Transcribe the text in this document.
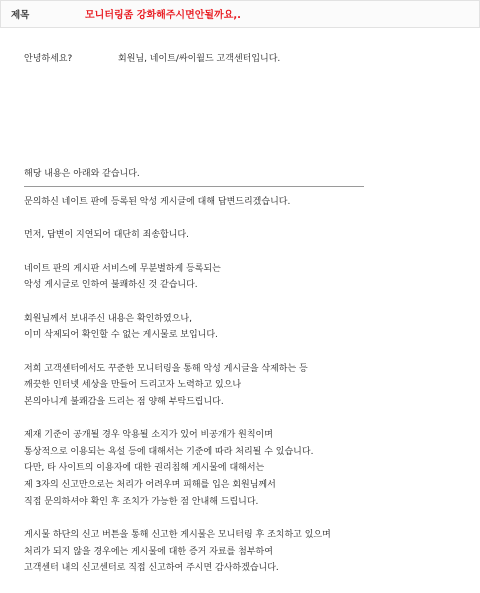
제목	모니터링좀 강화해주시면안될까요,.
안녕하세요?	회원님, 네이트/싸이월드 고객센터입니다.
해당 내용은 아래와 같습니다.
문의하신 네이트 판에 등록된 악성 게시글에 대해 답변드리겠습니다.
먼저, 답변이 지연되어 대단히 죄송합니다.
네이트 판의 게시판 서비스에 무분별하게 등록되는
악성 게시글로 인하여 불쾌하신 것 같습니다.
회원님께서 보내주신 내용은 확인하였으나,
이미 삭제되어 확인할 수 없는 게시물로 보입니다.
저희 고객센터에서도 꾸준한 모니터링을 통해 악성 게시글을 삭제하는 등
깨끗한 인터넷 세상을 만들어 드리고자 노력하고 있으나
본의아니게 불쾌감을 드리는 점 양해 부탁드립니다.
제재 기준이 공개될 경우 악용될 소지가 있어 비공개가 원칙이며
통상적으로 이용되는 욕설 등에 대해서는 기준에 따라 처리될 수 있습니다.
다만, 타 사이트의 이용자에 대한 권리침해 게시물에 대해서는
제 3자의 신고만으로는 처리가 어려우며 피해를 입은 회원님께서
직접 문의하셔야 확인 후 조치가 가능한 점 안내해 드립니다.
게시물 하단의 신고 버튼을 통해 신고한 게시물은 모니터링 후 조치하고 있으며
처리가 되지 않을 경우에는 게시물에 대한 증거 자료를 첨부하여
고객센터 내의 신고센터로 직접 신고하여 주시면 감사하겠습니다.
